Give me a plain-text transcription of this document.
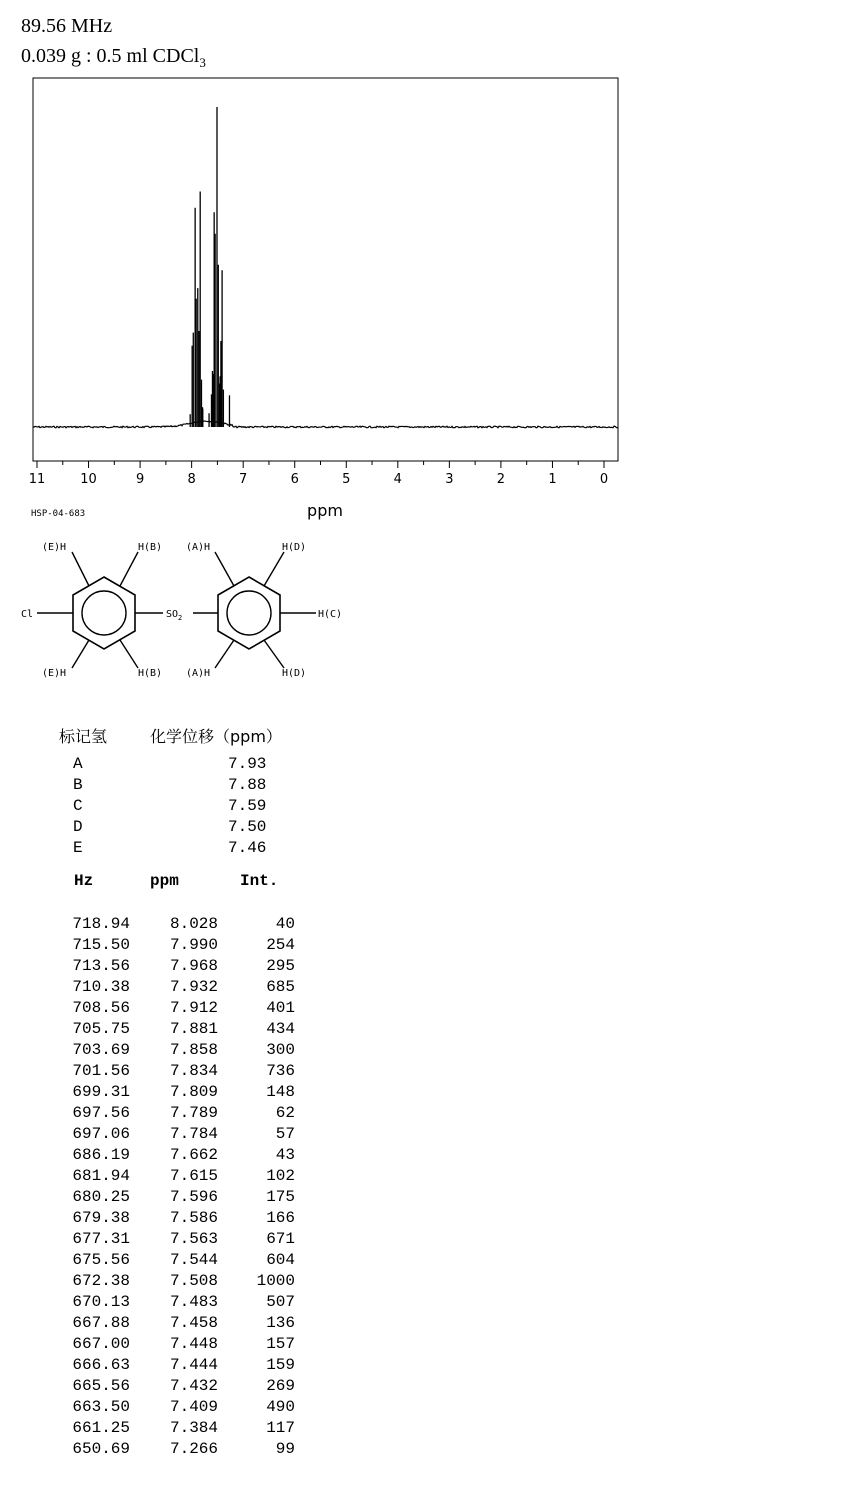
89.56 MHz
0.039 g : 0.5 ml CDCl$_3$
11	10	9	8	7	6	5	4	3	2	1	0
ppm
HSP-04-683
(E)H	H(B) (A)H	H(D)
Cl	$SO_2$	H(C)
(E)H	H(B) (A)H	H(D)
标记氢	化学位移（ppm）
A	7.93
B	7.88
C	7.59
D	7.50
E	7.46
Hz	ppm	Int.
718.94	8.028	40
715.50	7.990	254
713.56	7.968	295
710.38	7.932	685
708.56	7.912	401
705.75	7.881	434
703.69	7.858	300
701.56	7.834	736
699.31	7.809	148
697.56	7.789	62
697.06	7.784	57
686.19	7.662	43
681.94	7.615	102
680.25	7.596	175
679.38	7.586	166
677.31	7.563	671
675.56	7.544	604
672.38	7.508	1000
670.13	7.483	507
667.88	7.458	136
667.00	7.448	157
666.63	7.444	159
665.56	7.432	269
663.50	7.409	490
661.25	7.384	117
650.69	7.266	99
